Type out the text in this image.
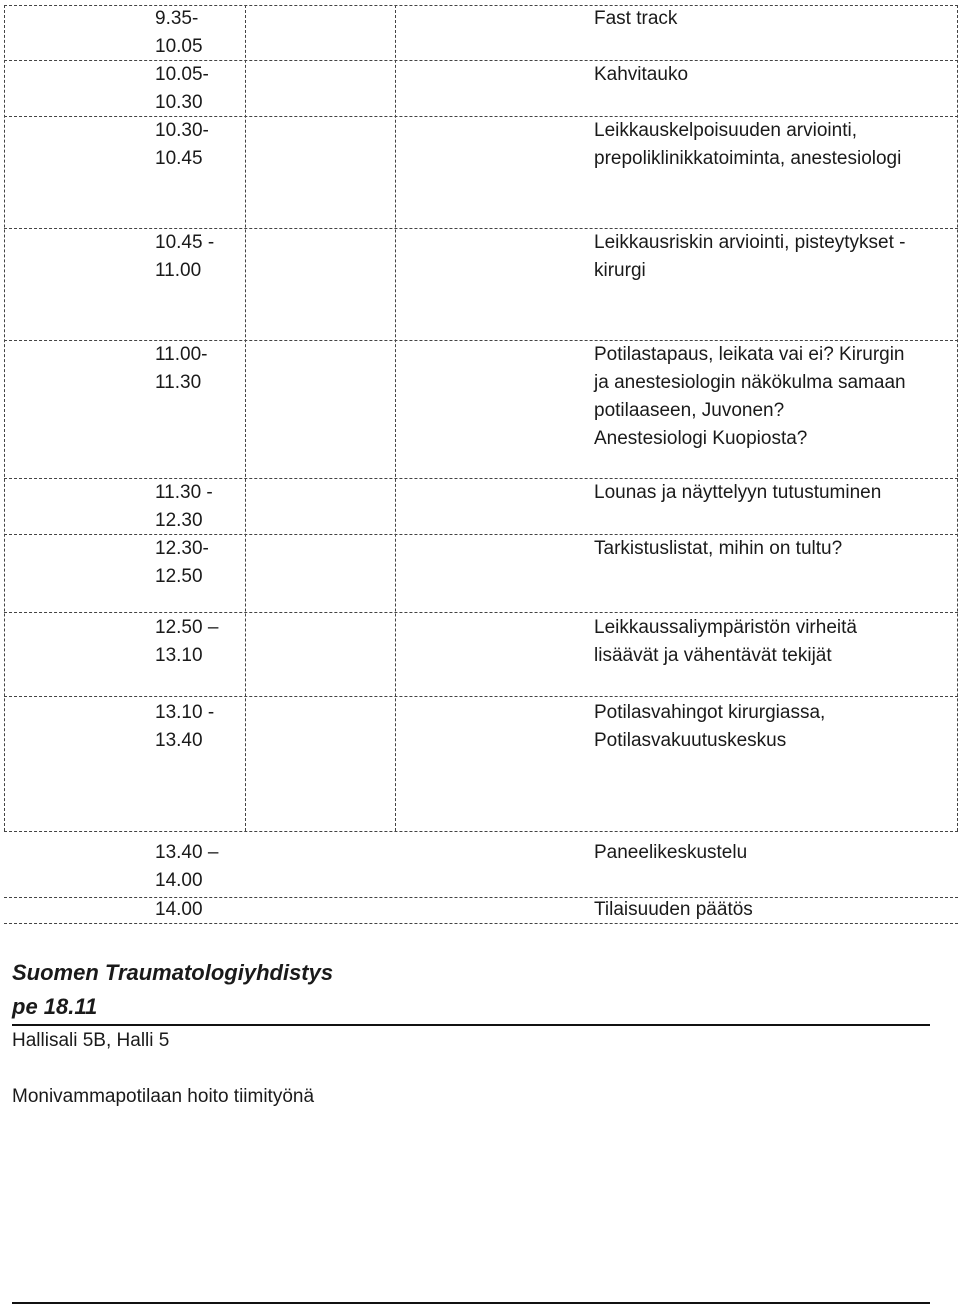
9.35-
10.05
Fast track
10.05-
10.30
Kahvitauko
10.30-
10.45
Leikkauskelpoisuuden arviointi,
prepoliklinikkatoiminta, anestesiologi
10.45 -
11.00
Leikkausriskin arviointi, pisteytykset -
kirurgi
11.00-
11.30
Potilastapaus, leikata vai ei? Kirurgin
ja anestesiologin näkökulma samaan
potilaaseen, Juvonen?
Anestesiologi Kuopiosta?
11.30 -
12.30
Lounas ja näyttelyyn tutustuminen
12.30-
12.50
Tarkistuslistat, mihin on tultu?
12.50 –
13.10
Leikkaussaliympäristön virheitä
lisäävät ja vähentävät tekijät
13.10 -
13.40
Potilasvahingot kirurgiassa,
Potilasvakuutuskeskus
13.40 –
14.00
Paneelikeskustelu
14.00	Tilaisuuden päätös
Suomen Traumatologiyhdistys
pe 18.11
Hallisali 5B, Halli 5
Monivammapotilaan hoito tiimityönä
